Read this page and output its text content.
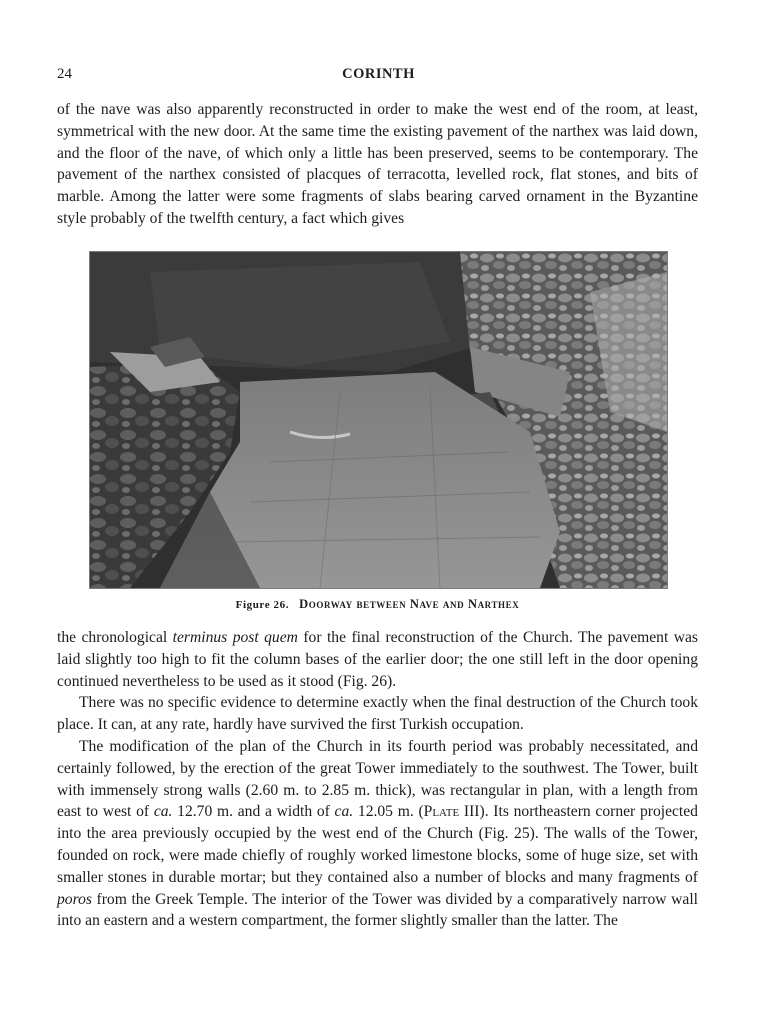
24	CORINTH

of the nave was also apparently reconstructed in order to make the west end of the room, at least, symmetrical with the new door. At the same time the existing pavement of the narthex was laid down, and the floor of the nave, of which only a little has been preserved, seems to be contemporary. The pavement of the narthex consisted of placques of terracotta, levelled rock, flat stones, and bits of marble. Among the latter were some fragments of slabs bearing carved ornament in the Byzantine style probably of the twelfth century, a fact which gives

Figure 26. Doorway between Nave and Narthex

the chronological terminus post quem for the final reconstruction of the Church. The pavement was laid slightly too high to fit the column bases of the earlier door; the one still left in the door opening continued nevertheless to be used as it stood (Fig. 26).

There was no specific evidence to determine exactly when the final destruction of the Church took place. It can, at any rate, hardly have survived the first Turkish occupation.

The modification of the plan of the Church in its fourth period was probably necessitated, and certainly followed, by the erection of the great Tower immediately to the southwest. The Tower, built with immensely strong walls (2.60 m. to 2.85 m. thick), was rectangular in plan, with a length from east to west of ca. 12.70 m. and a width of ca. 12.05 m. (Plate III). Its northeastern corner projected into the area previously occupied by the west end of the Church (Fig. 25). The walls of the Tower, founded on rock, were made chiefly of roughly worked limestone blocks, some of huge size, set with smaller stones in durable mortar; but they contained also a number of blocks and many fragments of poros from the Greek Temple. The interior of the Tower was divided by a comparatively narrow wall into an eastern and a western compartment, the former slightly smaller than the latter. The
